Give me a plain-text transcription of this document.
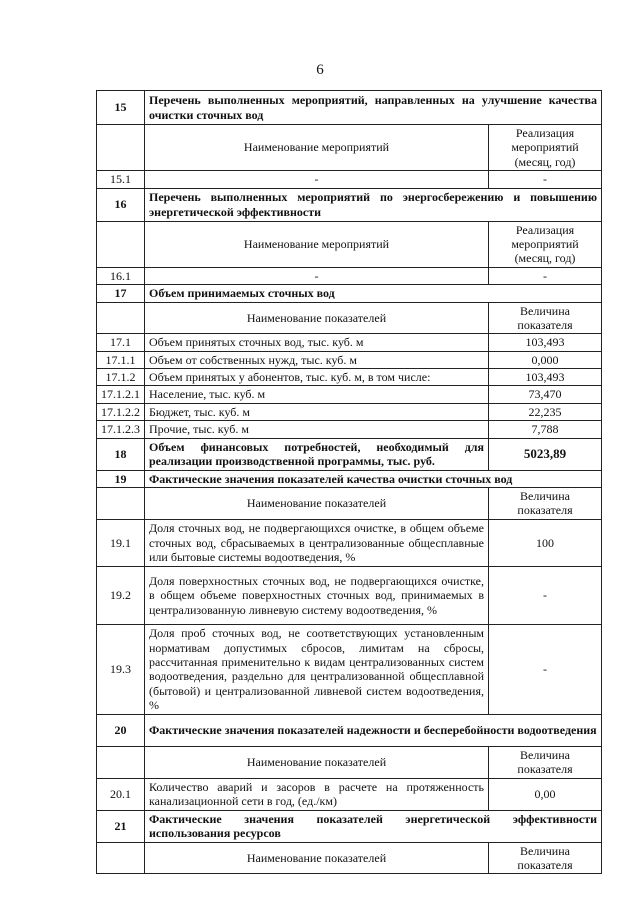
6
15	Перечень выполненных мероприятий, направленных на улучшение качества очистки сточных вод	
	Наименование мероприятий	Реализация мероприятий (месяц, год)
15.1	-	-
16	Перечень выполненных мероприятий по энергосбережению и повышению энергетической эффективности	
	Наименование мероприятий	Реализация мероприятий (месяц, год)
16.1	-	-
17	Объем принимаемых сточных вод	
	Наименование показателей	Величина показателя
17.1	Объем принятых сточных вод, тыс. куб. м	103,493
17.1.1	Объем от собственных нужд, тыс. куб. м	0,000
17.1.2	Объем принятых у абонентов, тыс. куб. м, в том числе:	103,493
17.1.2.1	Население, тыс. куб. м	73,470
17.1.2.2	Бюджет, тыс. куб. м	22,235
17.1.2.3	Прочие, тыс. куб. м	7,788
18	Объем финансовых потребностей, необходимый для реализации производственной программы, тыс. руб.	5023,89
19	Фактические значения показателей качества очистки сточных вод	
	Наименование показателей	Величина показателя
19.1	Доля сточных вод, не подвергающихся очистке, в общем объеме сточных вод, сбрасываемых в централизованные общесплавные или бытовые системы водоотведения, %	100
19.2	Доля поверхностных сточных вод, не подвергающихся очистке, в общем объеме поверхностных сточных вод, принимаемых в централизованную ливневую систему водоотведения, %	-
19.3	Доля проб сточных вод, не соответствующих установленным нормативам допустимых сбросов, лимитам на сбросы, рассчитанная применительно к видам централизованных систем водоотведения, раздельно для централизованной общесплавной (бытовой) и централизованной ливневой систем водоотведения, %	-
20	Фактические значения показателей надежности и бесперебойности водоотведения	
	Наименование показателей	Величина показателя
20.1	Количество аварий и засоров в расчете на протяженность канализационной сети в год, (ед./км)	0,00
21	Фактические значения показателей энергетической эффективности использования ресурсов	
	Наименование показателей	Величина показателя
